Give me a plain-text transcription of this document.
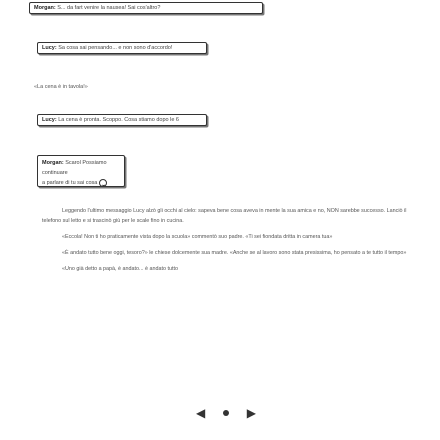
Morgan: S... da fart venire la nausea! Sai cos'altro?
Lucy: Sa cosa sai pensando... e non sono d'accordo!
«La cena è in tavola!»
Lucy: La cena è pronta. Scoppo. Cosa stiamo dopo le 6
Morgan: Scarol Possiamo continuare
a parlare di tu sai cosa

Leggendo l'ultimo messaggio Lucy alzò gli occhi al cielo: sapeva bene cosa aveva in mente la sua amica e no, NON sarebbe successo. Lanciò il telefono sul letto e si trascinò giù per le scale fino in cucina.

«Eccola! Non ti ho praticamente vista dopo la scuola» commentò suo padre. «Ti sei fiondata dritta in camera tua»

«È andato tutto bene oggi, tesoro?» le chiese dolcemente sua madre. «Anche se al lavoro sono stata presissima, ho pensato a te tutto il tempo»

«Uno già detto a papà, è andato... è andato tutto

◀	▶
